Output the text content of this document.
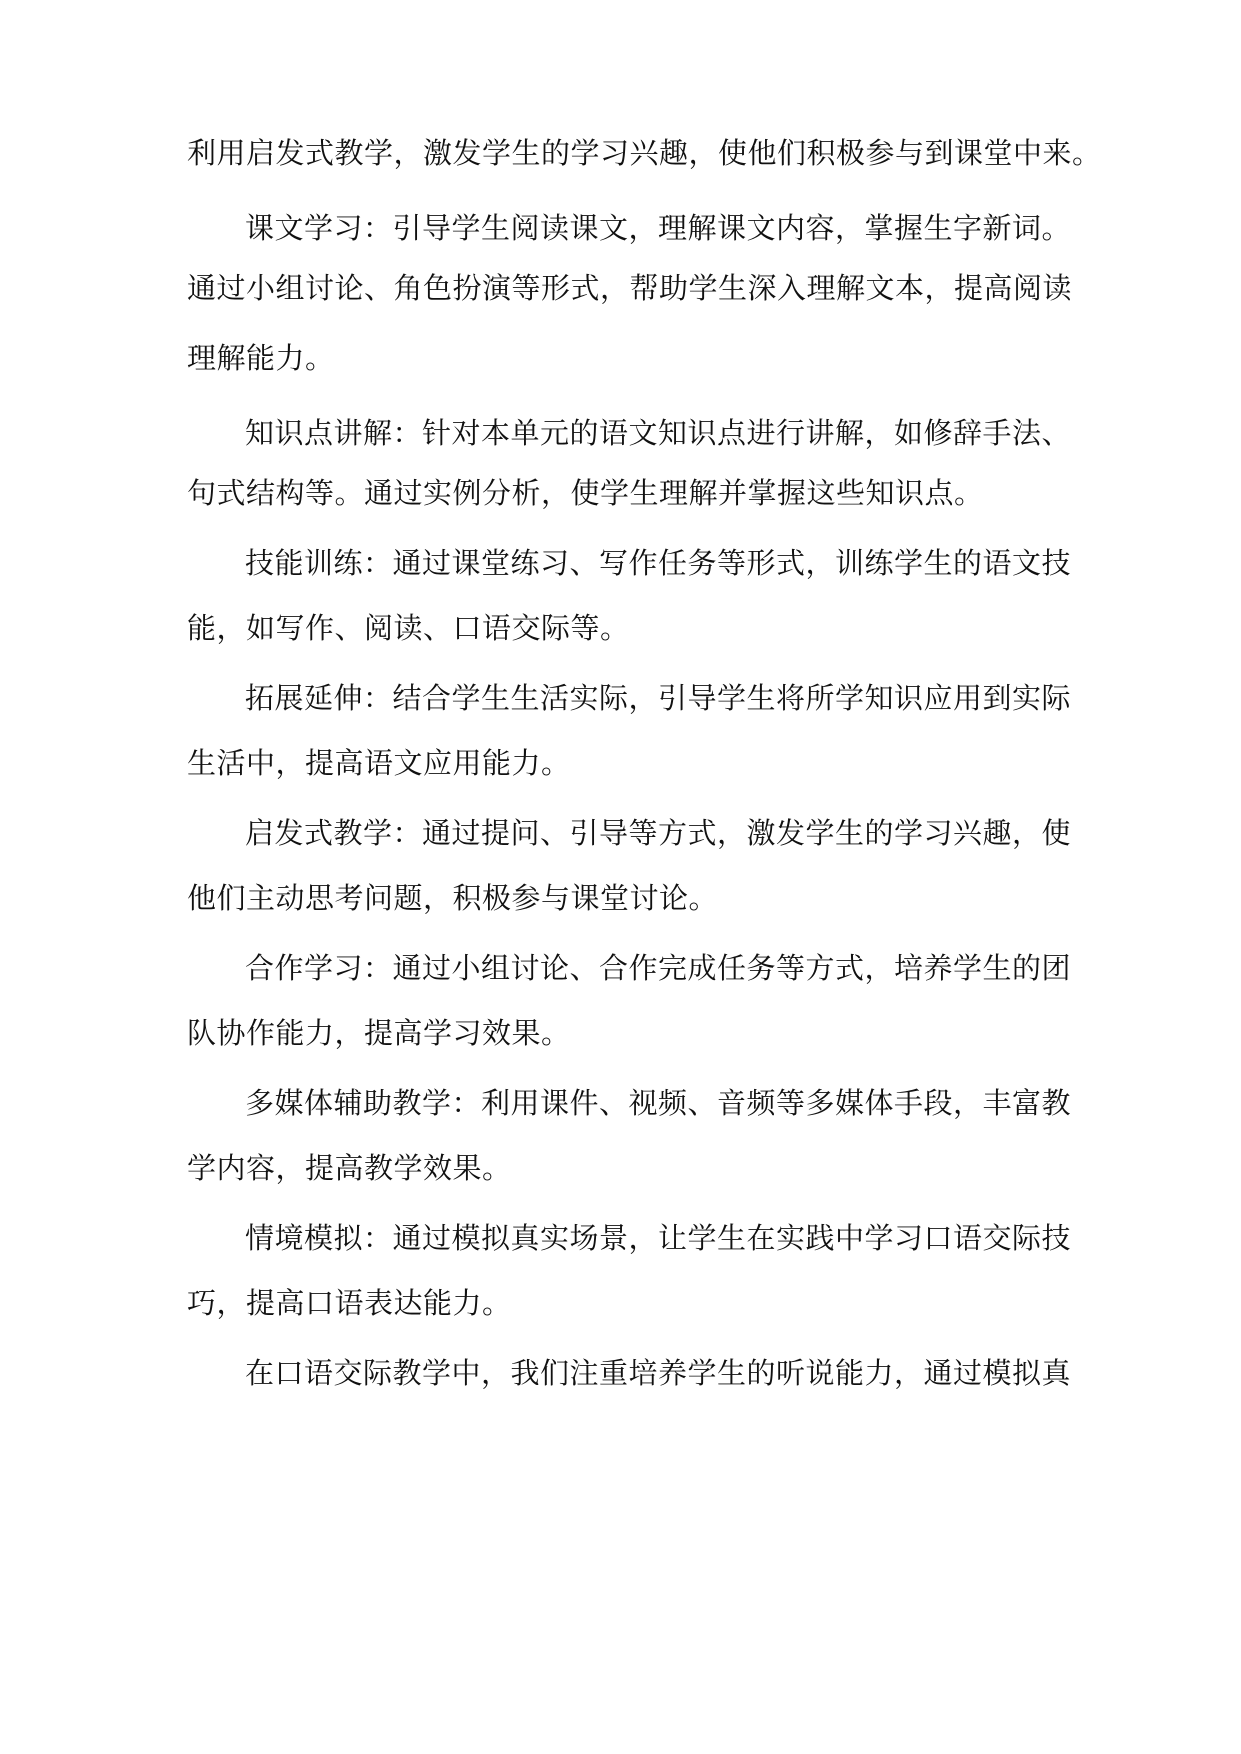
利用启发式教学，激发学生的学习兴趣，使他们积极参与到课堂中来。
课文学习：引导学生阅读课文，理解课文内容，掌握生字新词。
通过小组讨论、角色扮演等形式，帮助学生深入理解文本，提高阅读
理解能力。
知识点讲解：针对本单元的语文知识点进行讲解，如修辞手法、
句式结构等。通过实例分析，使学生理解并掌握这些知识点。
技能训练：通过课堂练习、写作任务等形式，训练学生的语文技
能，如写作、阅读、口语交际等。
拓展延伸：结合学生生活实际，引导学生将所学知识应用到实际
生活中，提高语文应用能力。
启发式教学：通过提问、引导等方式，激发学生的学习兴趣，使
他们主动思考问题，积极参与课堂讨论。
合作学习：通过小组讨论、合作完成任务等方式，培养学生的团
队协作能力，提高学习效果。
多媒体辅助教学：利用课件、视频、音频等多媒体手段，丰富教
学内容，提高教学效果。
情境模拟：通过模拟真实场景，让学生在实践中学习口语交际技
巧，提高口语表达能力。
在口语交际教学中，我们注重培养学生的听说能力，通过模拟真
